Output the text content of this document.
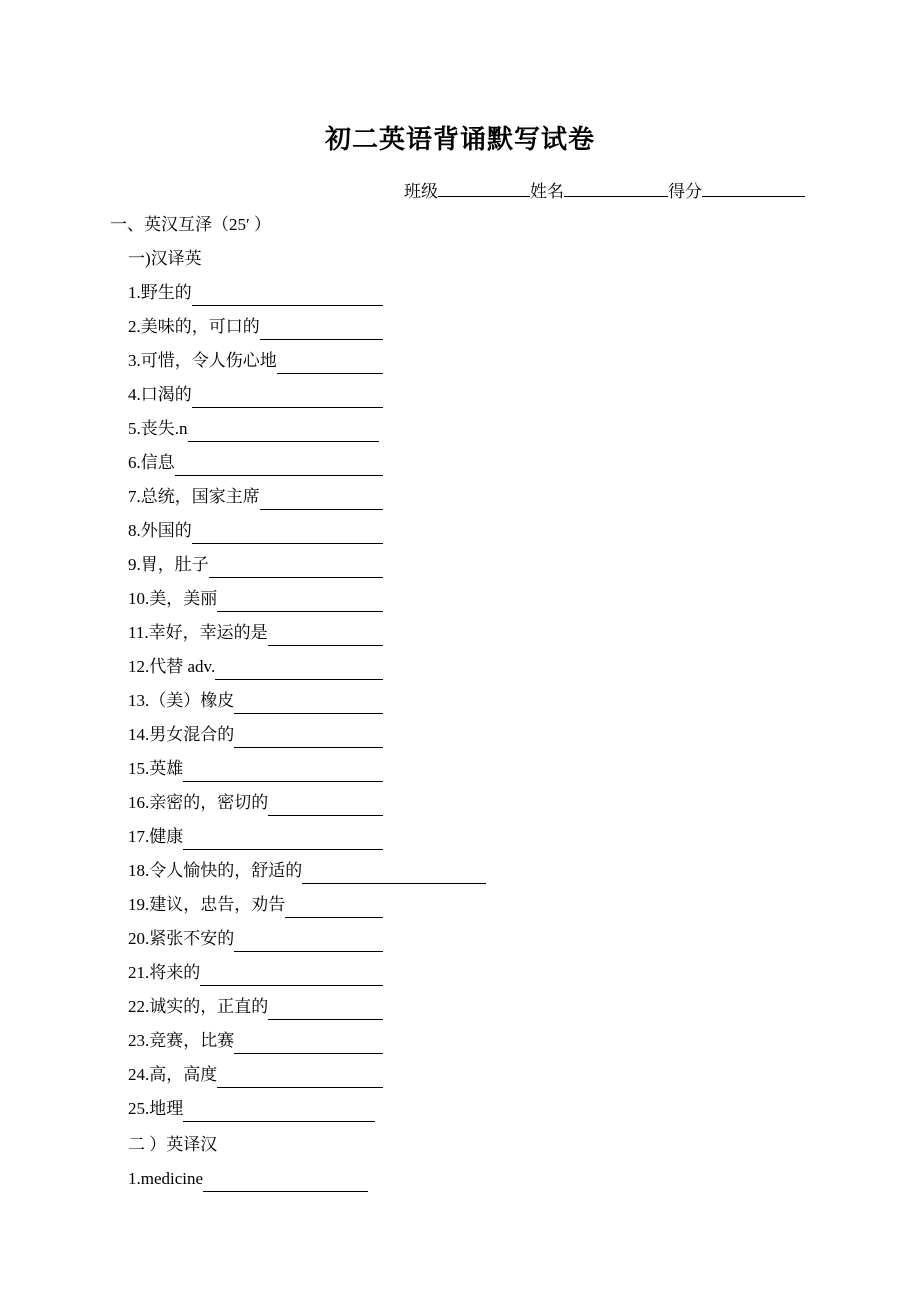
初二英语背诵默写试卷
班级	姓名	得分
一、英汉互泽（25′ ）
一)汉译英
1.野生的
2.美味的，可口的
3.可惜，令人伤心地
4.口渴的
5.丧失.n
6.信息
7.总统，国家主席
8.外国的
9.胃，肚子
10.美，美丽
11.幸好，幸运的是
12.代替 adv.
13.（美）橡皮
14.男女混合的
15.英雄
16.亲密的，密切的
17.健康
18.令人愉快的，舒适的
19.建议，忠告，劝告
20.紧张不安的
21.将来的
22.诚实的，正直的
23.竞赛，比赛
24.高，高度
25.地理
二 ）英译汉
1.medicine
